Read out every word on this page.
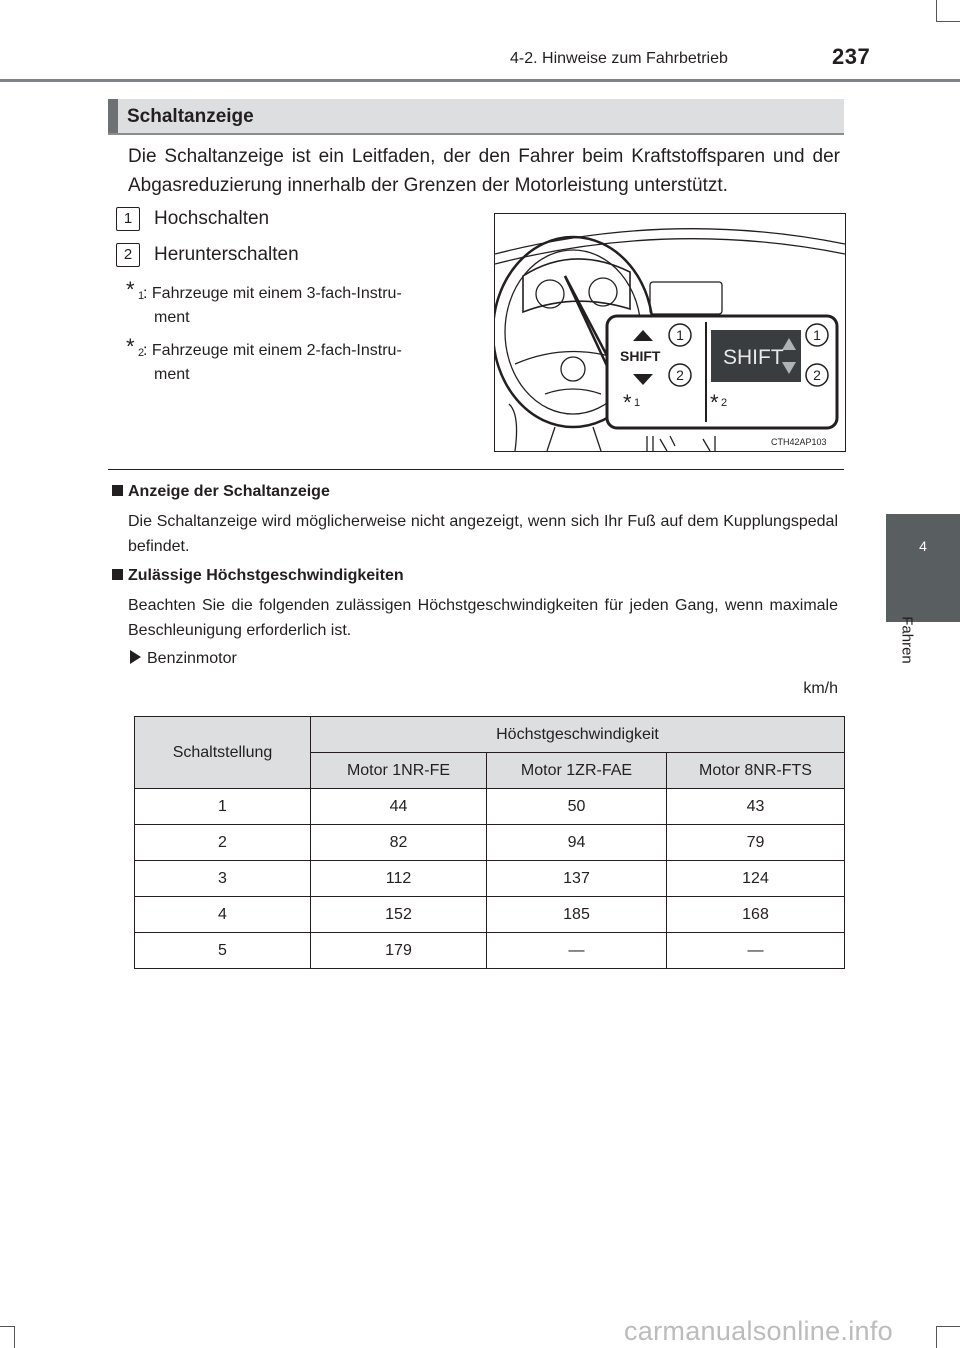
4-2. Hinweise zum Fahrbetrieb	237
4
Fahren
Schaltanzeige
Die Schaltanzeige ist ein Leitfaden, der den Fahrer beim Kraftstoffsparen und der Abgasreduzierung innerhalb der Grenzen der Motorleistung unterstützt.
1 Hochschalten
2 Herunterschalten
* 1
: Fahrzeuge mit einem 3-fach-Instru-
ment
* 2
: Fahrzeuge mit einem 2-fach-Instru-
ment
SHIFT	SHIFT
1
2
1
2
* 1	* 2
CTH42AP103
Anzeige der Schaltanzeige
Die Schaltanzeige wird möglicherweise nicht angezeigt, wenn sich Ihr Fuß auf dem Kupplungspedal befindet.
Zulässige Höchstgeschwindigkeiten
Beachten Sie die folgenden zulässigen Höchstgeschwindigkeiten für jeden Gang, wenn maximale Beschleunigung erforderlich ist.
Benzinmotor
km/h
Schaltstellung	Höchstgeschwindigkeit		
	Motor 1NR-FE	Motor 1ZR-FAE	Motor 8NR-FTS
1	44	50	43
2	82	94	79
3	112	137	124
4	152	185	168
5	179	—	—
carmanualsonline.info
